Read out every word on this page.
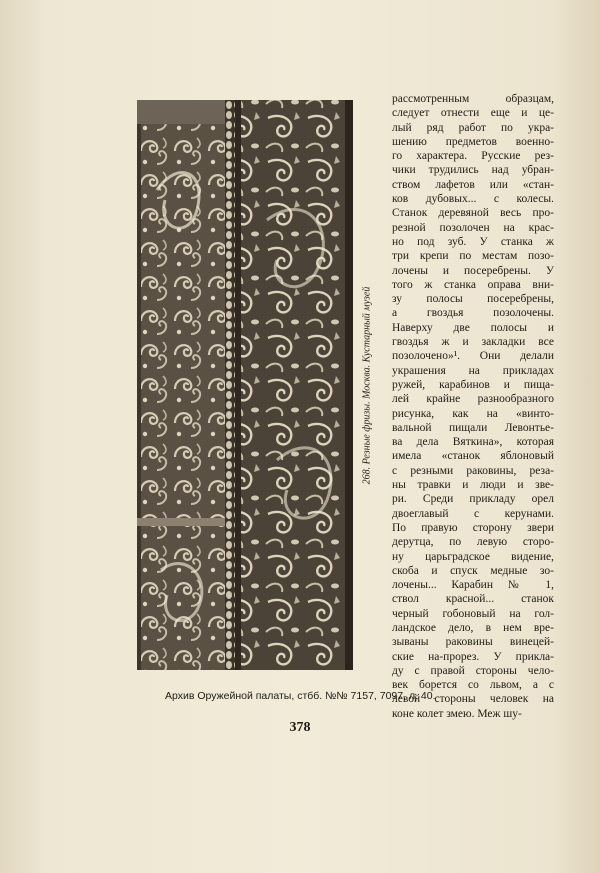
268. Резные фризы. Москва. Кустарный музей
рассмотренным образцам,
следует отнести еще и це-
лый ряд работ по укра-
шению предметов военно-
го характера. Русские рез-
чики трудились над убран-
ством лафетов или «стан-
ков дубовых... с колесы.
Станок деревяной весь про-
резной позолочен на крас-
но под зуб. У станка ж
три крепи по местам позо-
лочены и посеребрены. У
того ж станка оправа вни-
зу полосы посеребрены,
а гвоздья позолочены.
Наверху две полосы и
гвоздья ж и закладки все
позолочено»¹. Они делали
украшения на прикладах
ружей, карабинов и пища-
лей крайне разнообразного
рисунка, как на «винто-
вальной пищали Левонтье-
ва дела Вяткина», которая
имела «станок яблоновый
с резными раковины, реза-
ны травки и люди и зве-
ри. Среди прикладу орел
двоеглавый с керунами.
По правую сторону звери
дерутца, по левую сторо-
ну царьградское видение,
скоба и спуск медные зо-
лочены... Карабин № 1,
ствол красной... станок
черный гобоновый на гол-
ландское дело, в нем вре-
зываны раковины винецей-
ские на-прорез. У прикла-
ду с правой стороны чело-
век борется со львом, а с
левой стороны человек на
коне колет змею. Меж шу-
Архив Оружейной палаты, стбб. №№ 7157, 7097, л. 40.
378
